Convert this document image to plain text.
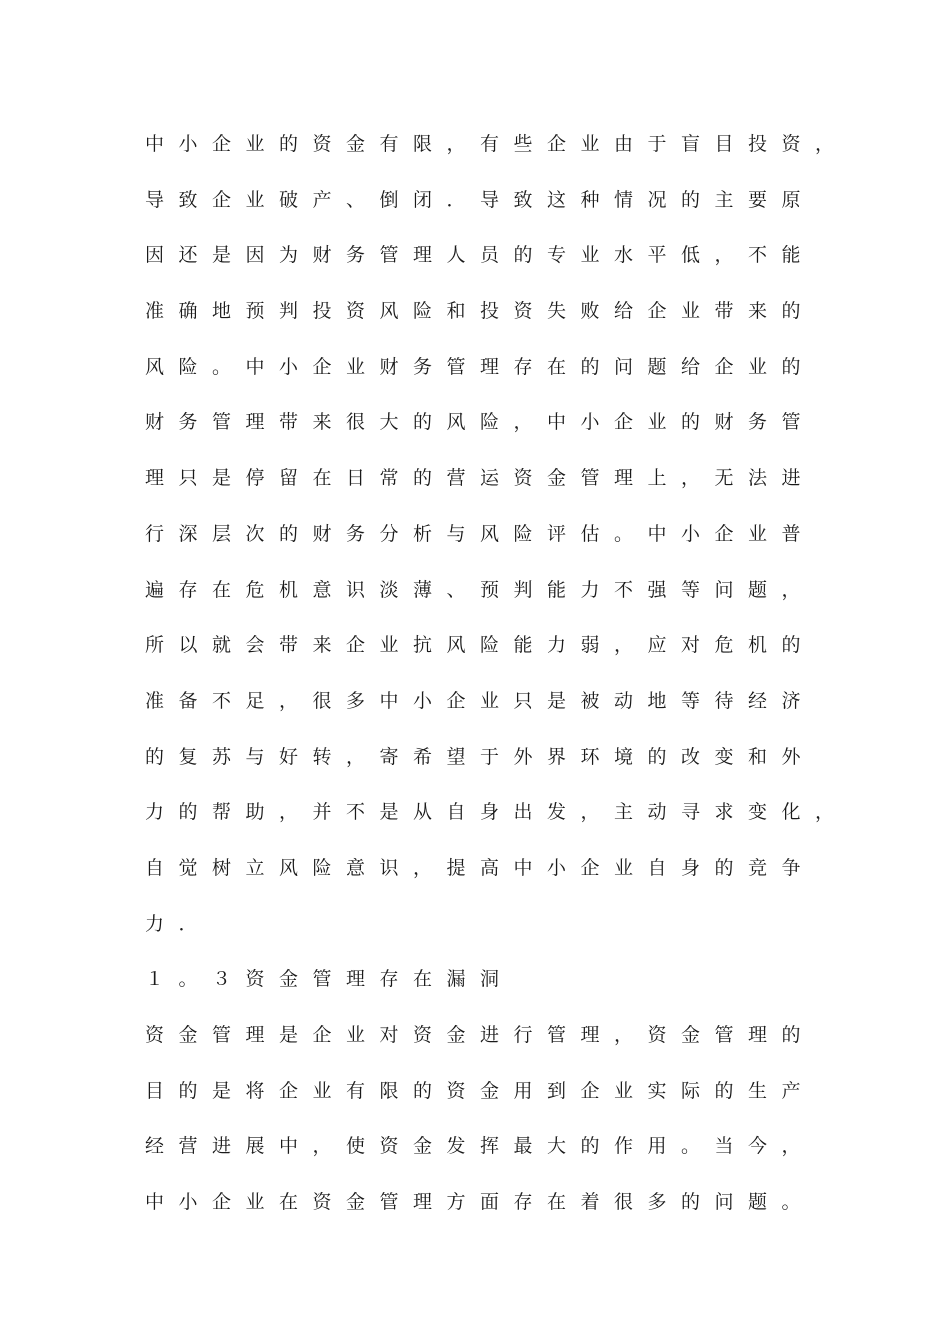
中小企业的资金有限，有些企业由于盲目投资，
导致企业破产、倒闭．导致这种情况的主要原
因还是因为财务管理人员的专业水平低，不能
准确地预判投资风险和投资失败给企业带来的
风险。中小企业财务管理存在的问题给企业的
财务管理带来很大的风险，中小企业的财务管
理只是停留在日常的营运资金管理上，无法进
行深层次的财务分析与风险评估。中小企业普
遍存在危机意识淡薄、预判能力不强等问题，
所以就会带来企业抗风险能力弱，应对危机的
准备不足，很多中小企业只是被动地等待经济
的复苏与好转，寄希望于外界环境的改变和外
力的帮助，并不是从自身出发，主动寻求变化，
自觉树立风险意识，提高中小企业自身的竞争
力．
１。３资金管理存在漏洞
资金管理是企业对资金进行管理，资金管理的
目的是将企业有限的资金用到企业实际的生产
经营进展中，使资金发挥最大的作用。当今，
中小企业在资金管理方面存在着很多的问题。
